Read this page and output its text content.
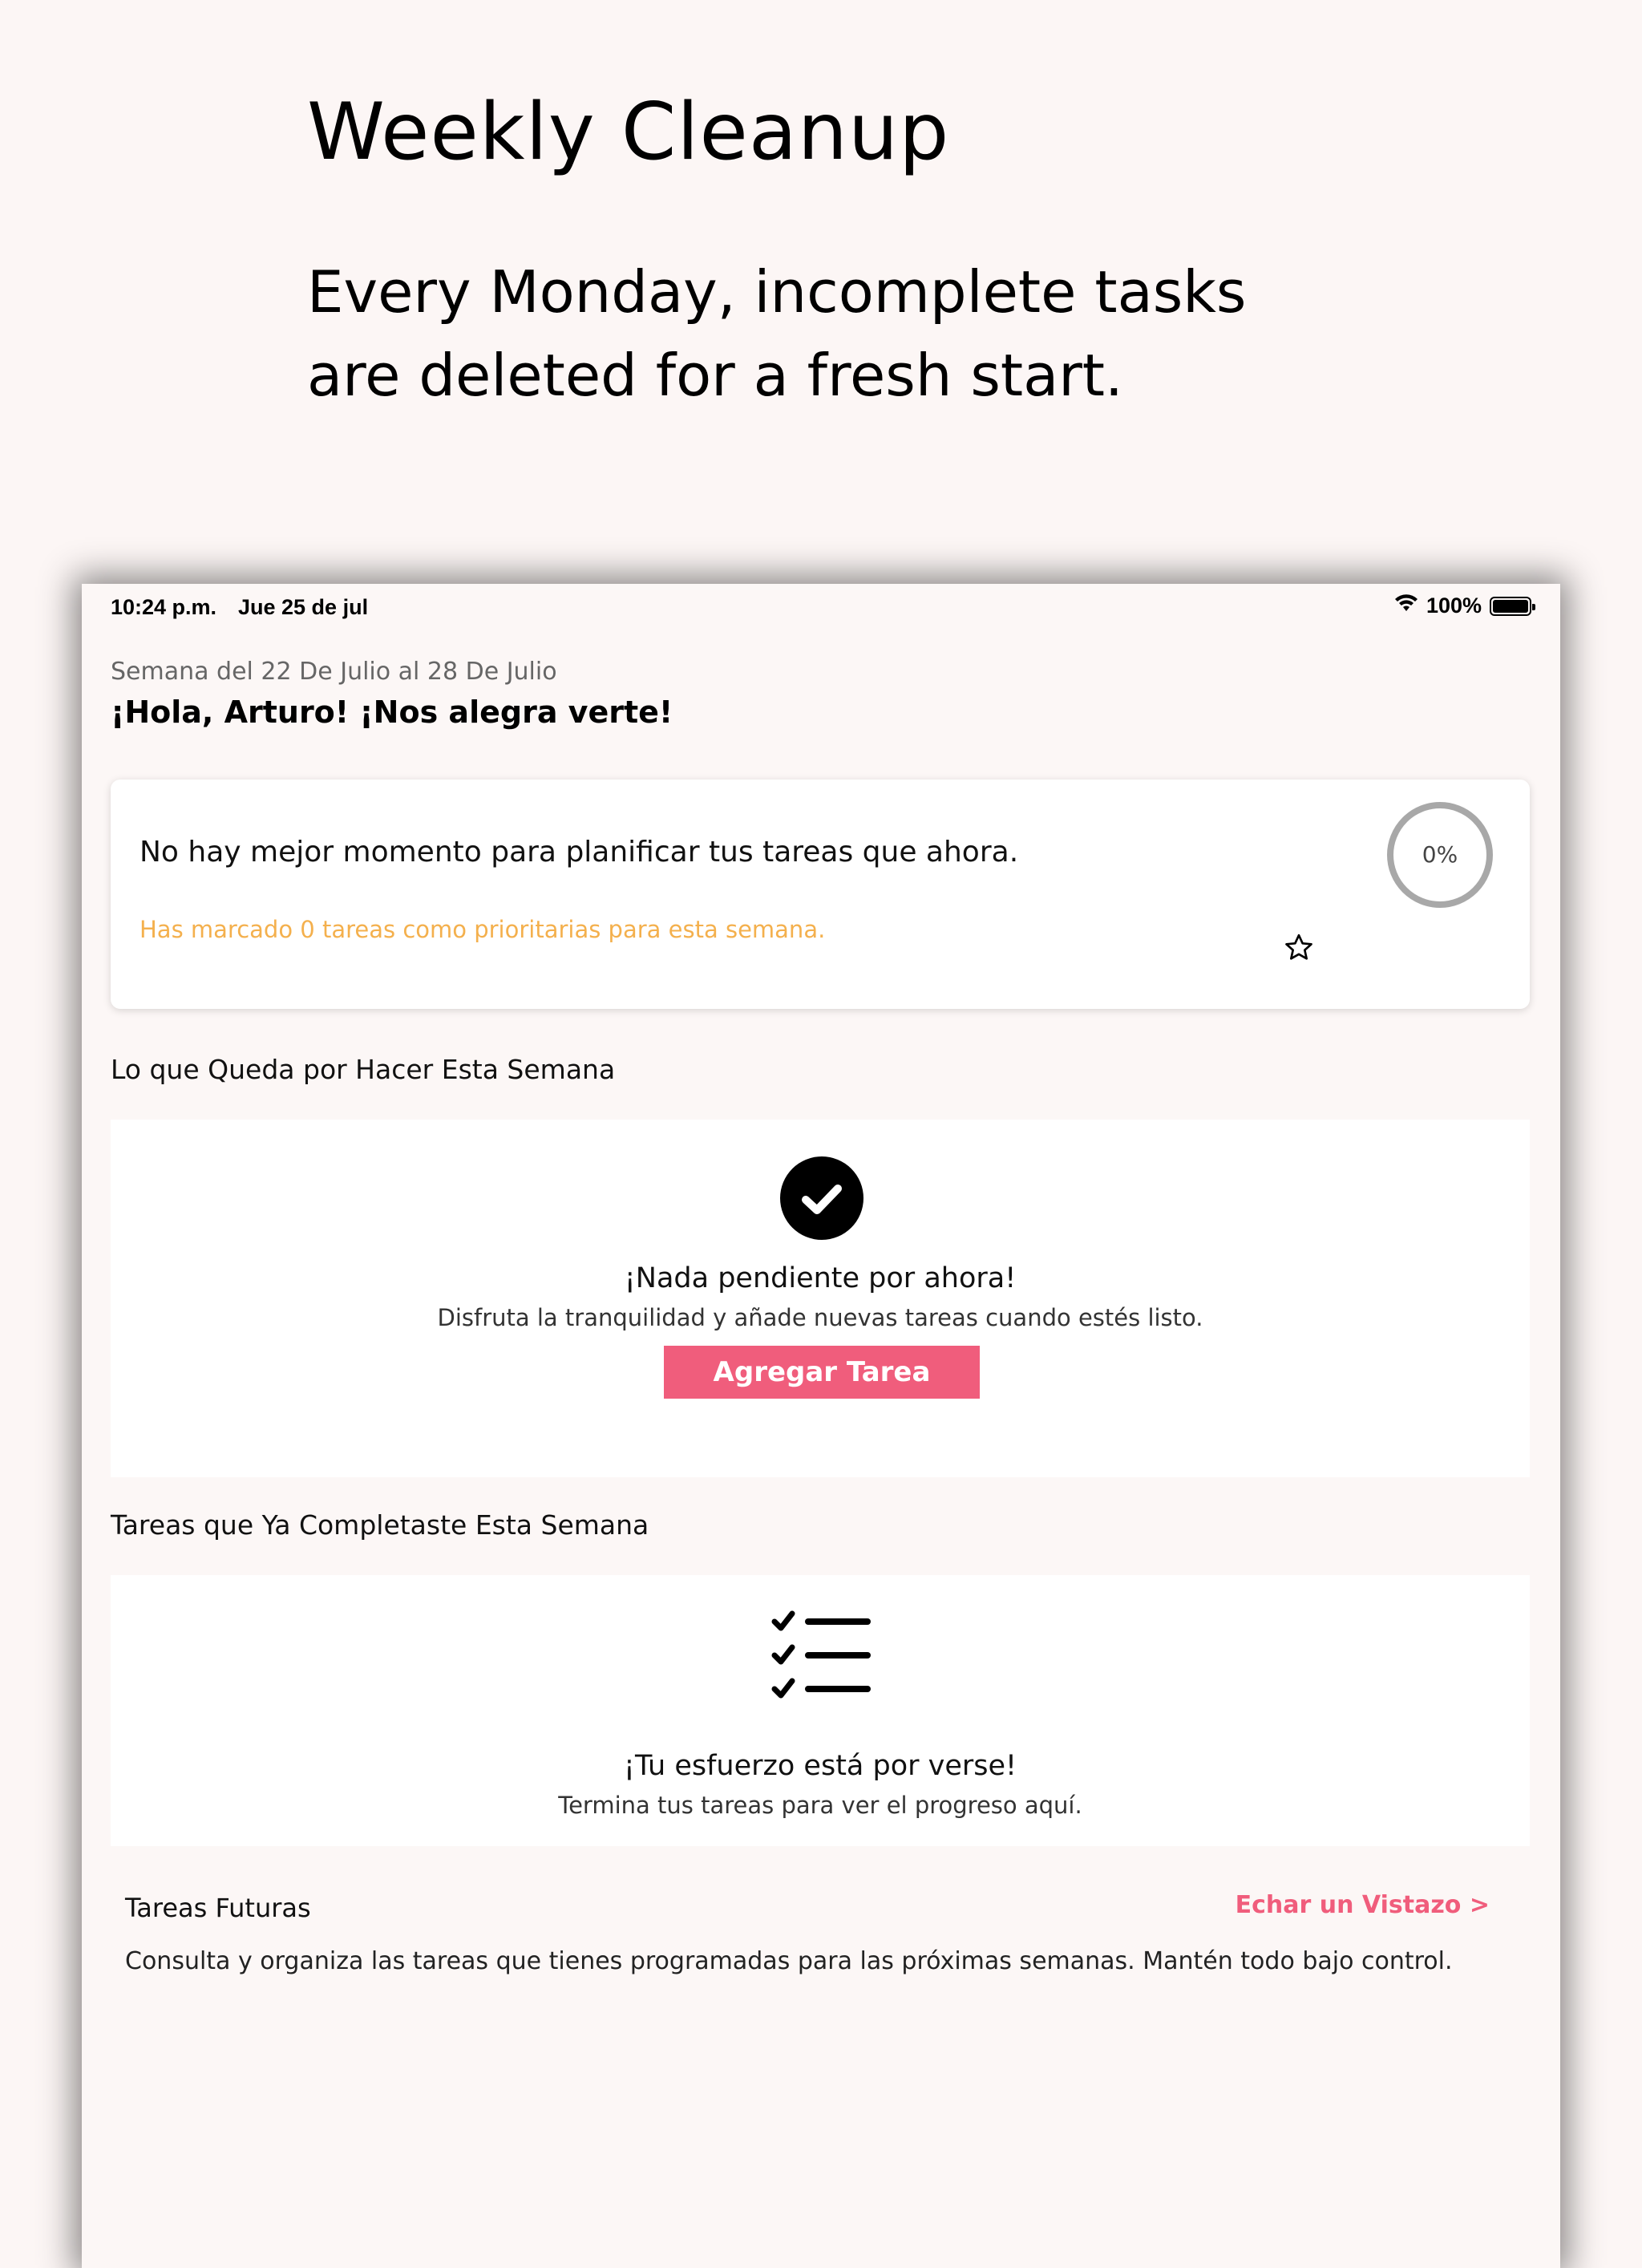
Weekly Cleanup

Every Monday, incomplete tasks are deleted for a fresh start.

10:24 p.m. Jue 25 de jul	100%
Semana del 22 De Julio al 28 De Julio
¡Hola, Arturo! ¡Nos alegra verte!
No hay mejor momento para planificar tus tareas que ahora.
Has marcado 0 tareas como prioritarias para esta semana.
0%
Lo que Queda por Hacer Esta Semana
¡Nada pendiente por ahora!
Disfruta la tranquilidad y añade nuevas tareas cuando estés listo.
Agregar Tarea
Tareas que Ya Completaste Esta Semana
¡Tu esfuerzo está por verse!
Termina tus tareas para ver el progreso aquí.
Tareas Futuras	Echar un Vistazo >
Consulta y organiza las tareas que tienes programadas para las próximas semanas. Mantén todo bajo control.
